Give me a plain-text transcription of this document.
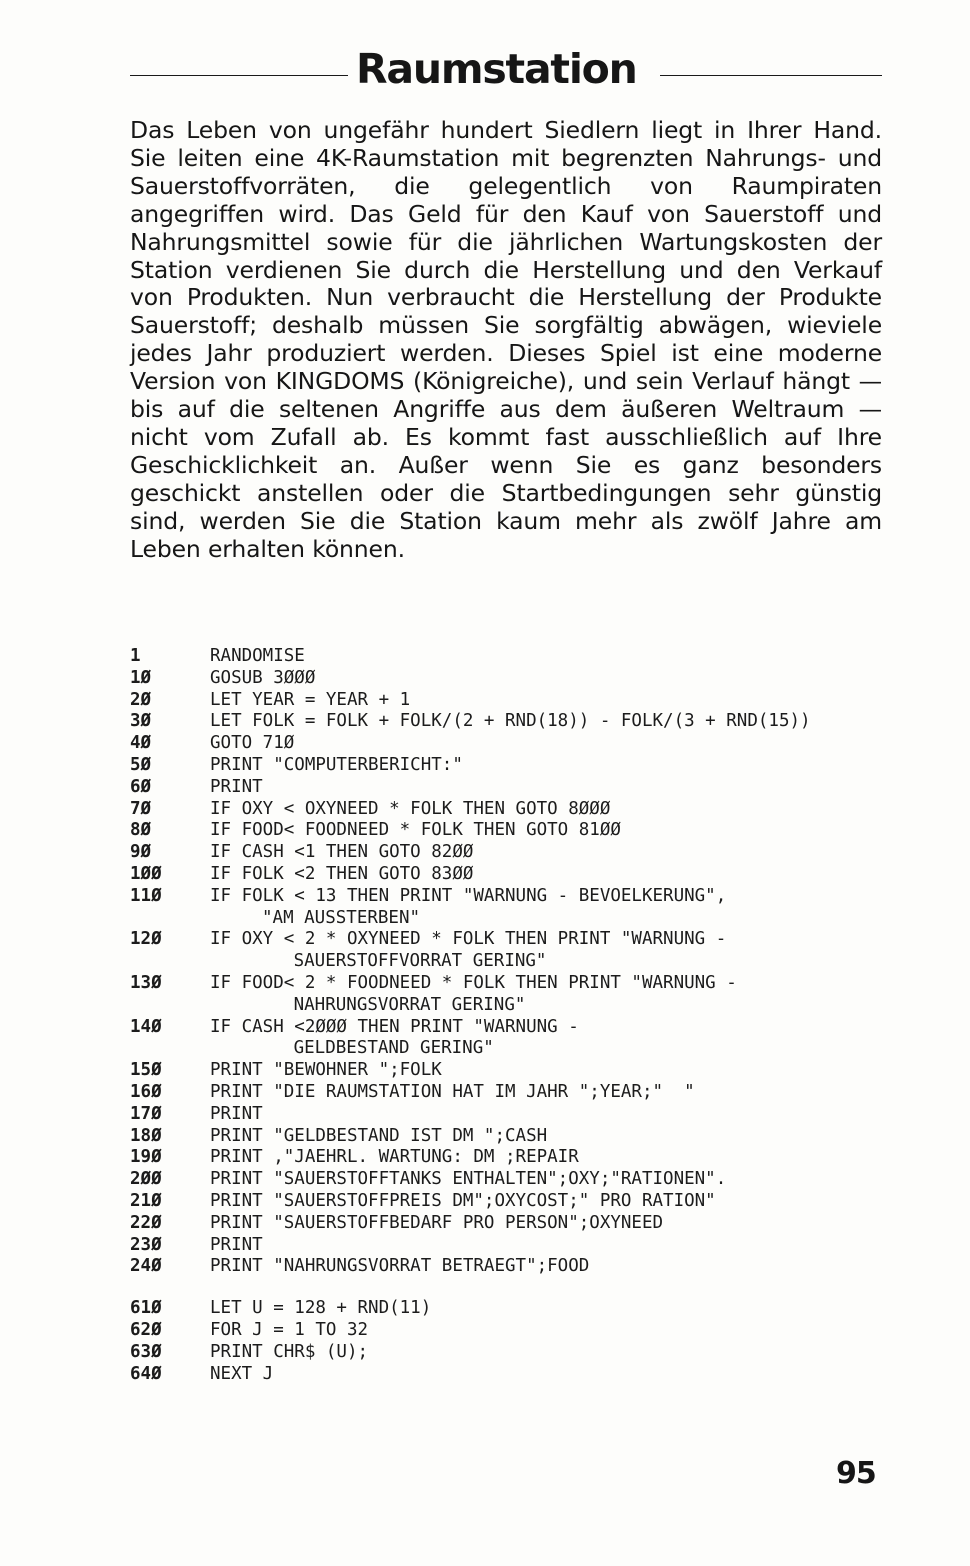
Raumstation

Das Leben von ungefähr hundert Siedlern liegt in Ihrer Hand. Sie leiten eine 4K-Raumstation mit begrenzten Nahrungs- und Sauerstoffvorräten, die gelegentlich von Raumpiraten angegriffen wird. Das Geld für den Kauf von Sauerstoff und Nahrungsmittel sowie für die jährlichen Wartungskosten der Station verdienen Sie durch die Herstellung und den Verkauf von Produkten. Nun verbraucht die Herstellung der Produkte Sauerstoff; deshalb müssen Sie sorgfältig abwägen, wieviele jedes Jahr produziert werden. Dieses Spiel ist eine moderne Version von KINGDOMS (Königreiche), und sein Verlauf hängt — bis auf die seltenen Angriffe aus dem äußeren Weltraum — nicht vom Zufall ab. Es kommt fast ausschließlich auf Ihre Geschicklichkeit an. Außer wenn Sie es ganz besonders geschickt anstellen oder die Startbedingungen sehr günstig sind, werden Sie die Station kaum mehr als zwölf Jahre am Leben erhalten können.

1	RANDOMISE
1Ø	GOSUB 3ØØØ
2Ø	LET YEAR = YEAR + 1
3Ø	LET FOLK = FOLK + FOLK/(2 + RND(18)) - FOLK/(3 + RND(15))
4Ø	GOTO 71Ø
5Ø	PRINT "COMPUTERBERICHT:"
6Ø	PRINT
7Ø	IF OXY < OXYNEED * FOLK THEN GOTO 8ØØØ
8Ø	IF FOOD< FOODNEED * FOLK THEN GOTO 81ØØ
9Ø	IF CASH <1 THEN GOTO 82ØØ
1ØØ	IF FOLK <2 THEN GOTO 83ØØ
11Ø	IF FOLK < 13 THEN PRINT "WARNUNG - BEVOELKERUNG",
"AM AUSSTERBEN"
12Ø	IF OXY < 2 * OXYNEED * FOLK THEN PRINT "WARNUNG -
SAUERSTOFFVORRAT GERING"
13Ø	IF FOOD< 2 * FOODNEED * FOLK THEN PRINT "WARNUNG -
NAHRUNGSVORRAT GERING"
14Ø	IF CASH <2ØØØ THEN PRINT "WARNUNG -
GELDBESTAND GERING"
15Ø	PRINT "BEWOHNER ";FOLK
16Ø	PRINT "DIE RAUMSTATION HAT IM JAHR ";YEAR;"  "
17Ø	PRINT
18Ø	PRINT "GELDBESTAND IST DM ";CASH
19Ø	PRINT ,"JAEHRL. WARTUNG: DM ;REPAIR
2ØØ	PRINT "SAUERSTOFFTANKS ENTHALTEN";OXY;"RATIONEN".
21Ø	PRINT "SAUERSTOFFPREIS DM";OXYCOST;" PRO RATION"
22Ø	PRINT "SAUERSTOFFBEDARF PRO PERSON";OXYNEED
23Ø	PRINT
24Ø	PRINT "NAHRUNGSVORRAT BETRAEGT";FOOD
61Ø	LET U = 128 + RND(11)
62Ø	FOR J = 1 TO 32
63Ø	PRINT CHR$ (U);
64Ø	NEXT J

95
